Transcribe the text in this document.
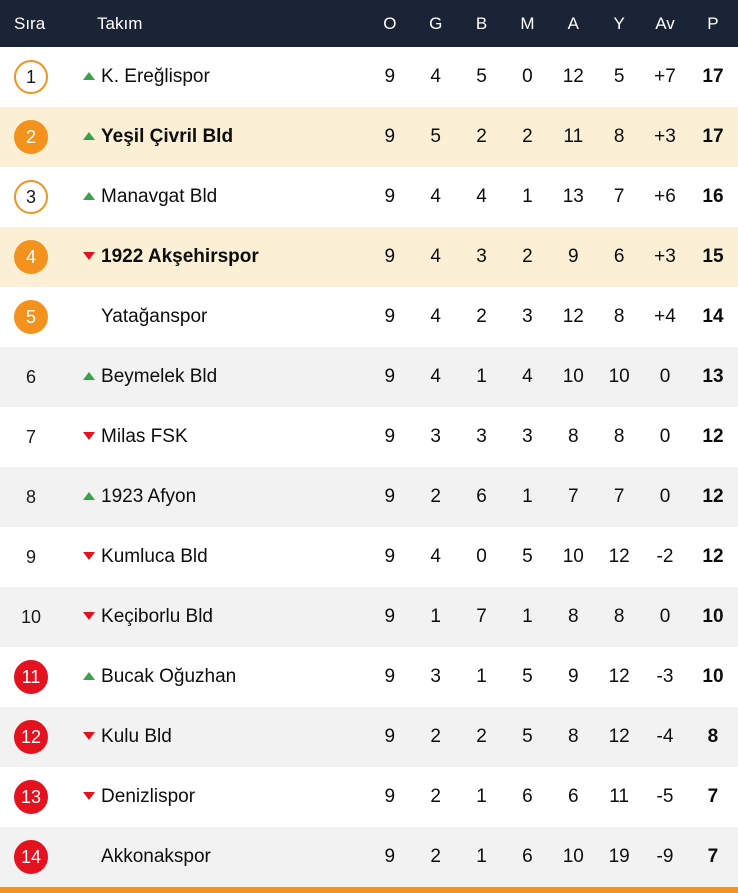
Sıra	Takım	O	G	B	M	A	Y	Av	P
1	K. Ereğlispor	9	4	5	0	12	5	+7	17
2	Yeşil Çivril Bld	9	5	2	2	11	8	+3	17
3	Manavgat Bld	9	4	4	1	13	7	+6	16
4	1922 Akşehirspor	9	4	3	2	9	6	+3	15
5	Yatağanspor	9	4	2	3	12	8	+4	14
6	Beymelek Bld	9	4	1	4	10	10	0	13
7	Milas FSK	9	3	3	3	8	8	0	12
8	1923 Afyon	9	2	6	1	7	7	0	12
9	Kumluca Bld	9	4	0	5	10	12	-2	12
10	Keçiborlu Bld	9	1	7	1	8	8	0	10
11	Bucak Oğuzhan	9	3	1	5	9	12	-3	10
12	Kulu Bld	9	2	2	5	8	12	-4	8
13	Denizlispor	9	2	1	6	6	11	-5	7
14	Akkonakspor	9	2	1	6	10	19	-9	7
